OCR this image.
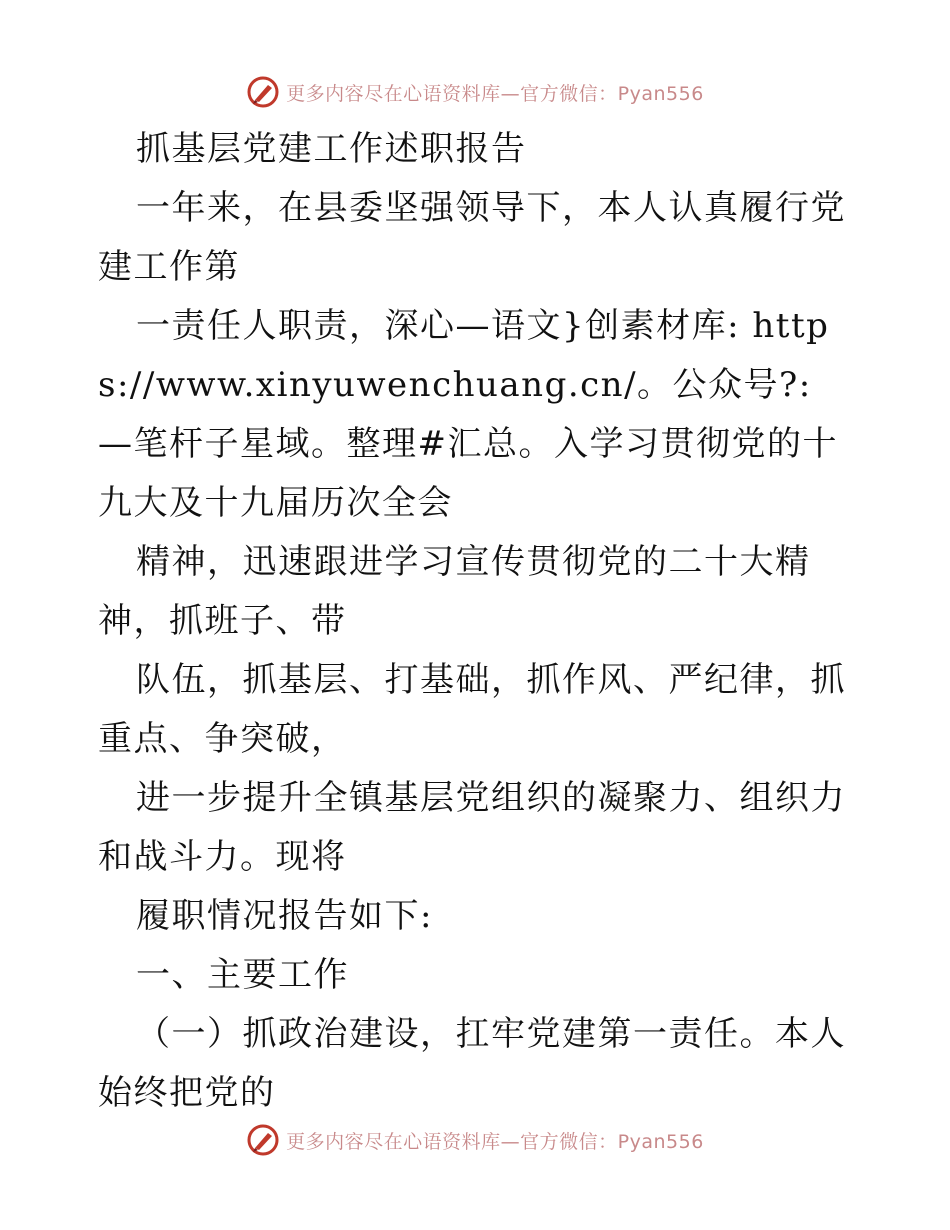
更多内容尽在心语资料库—官方微信：Pyan556

抓基层党建工作述职报告

一年来，在县委坚强领导下，本人认真履行党建工作第

一责任人职责，深心—语文}创素材库: https://www.xinyuwenchuang.cn/。公众号?: —笔杆子星域。整理#汇总。入学习贯彻党的十九大及十九届历次全会

精神，迅速跟进学习宣传贯彻党的二十大精神，抓班子、带

队伍，抓基层、打基础，抓作风、严纪律，抓重点、争突破，

进一步提升全镇基层党组织的凝聚力、组织力和战斗力。现将

履职情况报告如下:

一、主要工作

（一）抓政治建设，扛牢党建第一责任。本人始终把党的

更多内容尽在心语资料库—官方微信：Pyan556
